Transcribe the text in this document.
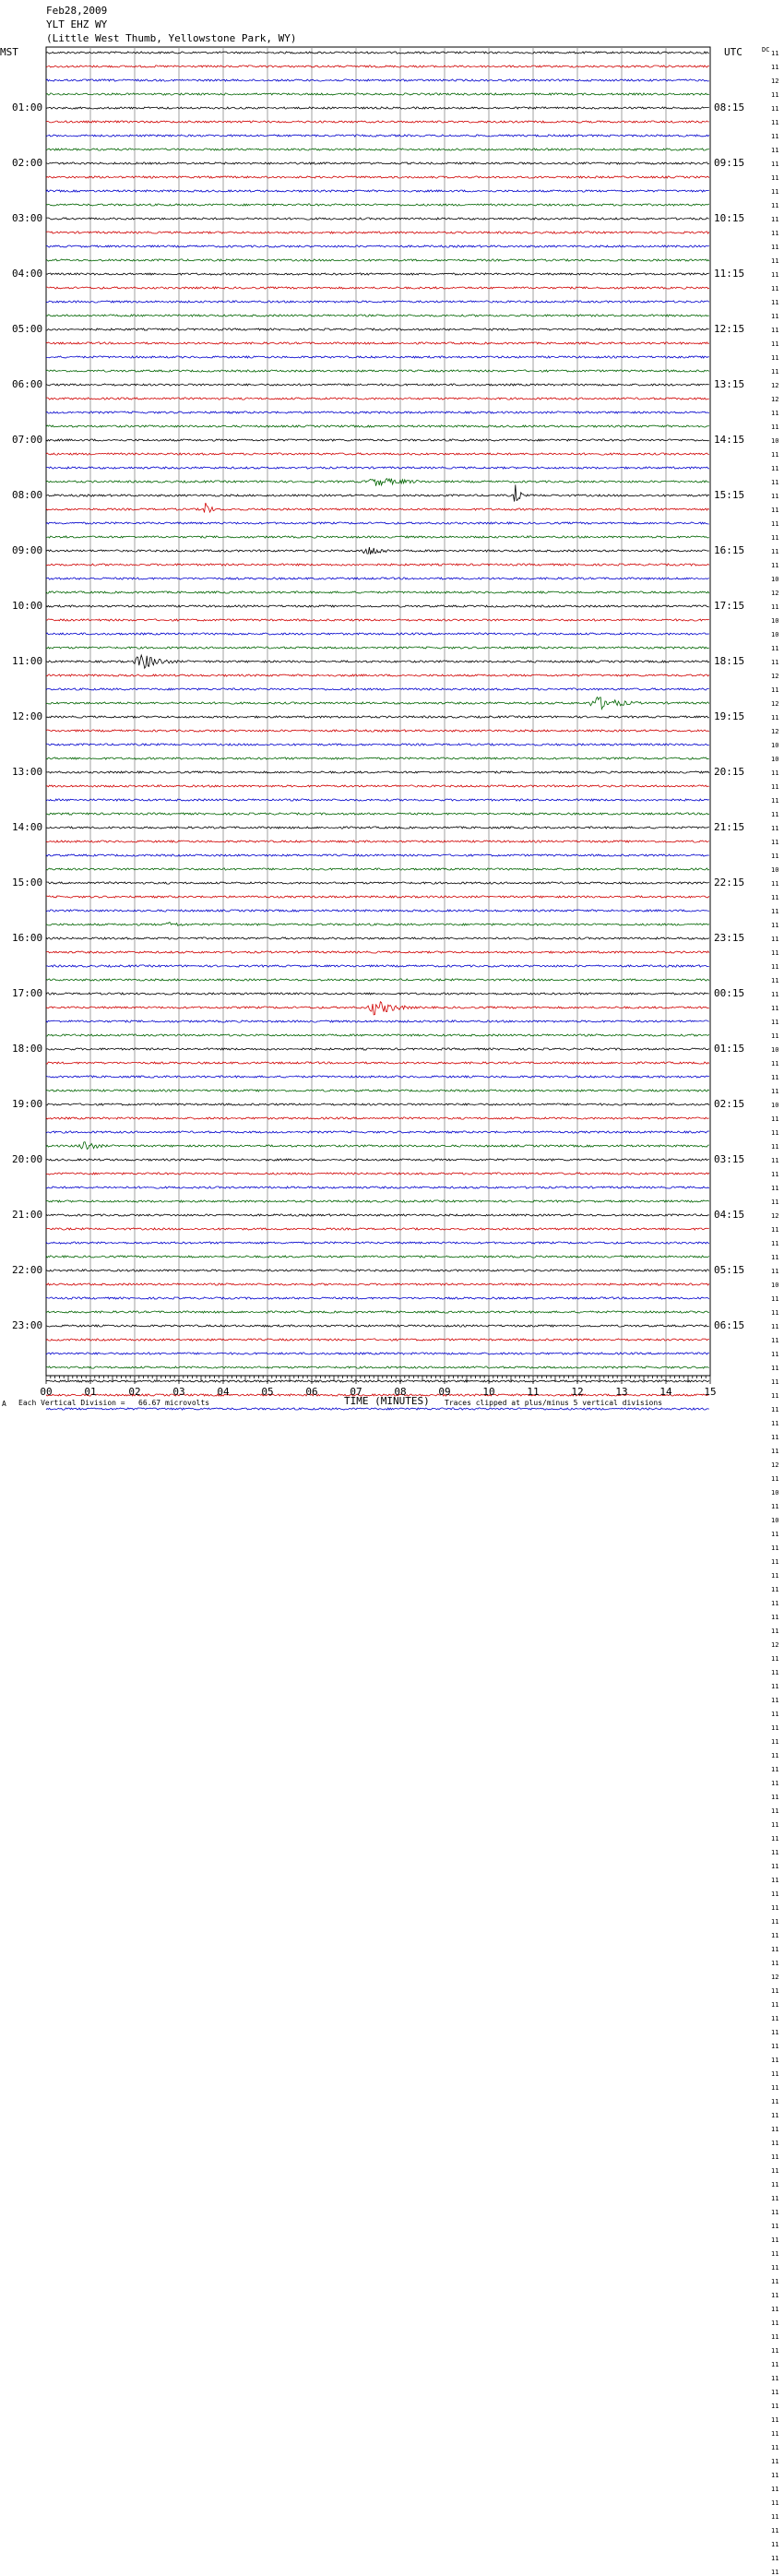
00	01	02	03	04	05	06	07	08	09	10	11	12	13	14	15
Feb28,2009
YLT EHZ WY
(Little West Thumb, Yellowstone Park, WY)
MST	UTC	DC
01:00
02:00
03:00
04:00
05:00
06:00
07:00
08:00
09:00
10:00
11:00
12:00
13:00
14:00
15:00
16:00
17:00
18:00
19:00
20:00
21:00
22:00
23:00
08:15
09:15
10:15
11:15
12:15
13:15
14:15
15:15
16:15
17:15
18:15
19:15
20:15
21:15
22:15
23:15
00:15
01:15
02:15
03:15
04:15
05:15
06:15
11
11
12
11
11
11
11
11
11
11
11
11
11
11
11
11
11
11
11
11
11
11
11
11
12
12
11
11
10
11
11
11
11
11
11
11
11
11
10
12
11
10
10
11
11
12
11
12
11
12
10
10
11
11
11
11
11
11
11
10
11
11
11
11
11
11
11
11
11
11
11
11
10
11
11
11
10
11
11
11
11
11
11
11
12
11
11
11
11
10
11
11
11
11
11
11
11
11
11
11
11
11
12
11
10
11
10
11
11
11
11
11
11
11
11
12
11
11
11
11
11
11
11
11
11
11
11
11
11
11
11
11
11
11
11
11
11
11
11
12
11
11
11
11
11
11
11
11
11
11
11
11
11
11
11
11
11
11
11
11
11
11
11
11
11
11
11
11
11
11
11
11
11
11
11
11
11
11
11
11
11
11
11
A Each Vertical Division =   66.67 microvolts	TIME (MINUTES) Traces clipped at plus/minus 5 vertical divisions
